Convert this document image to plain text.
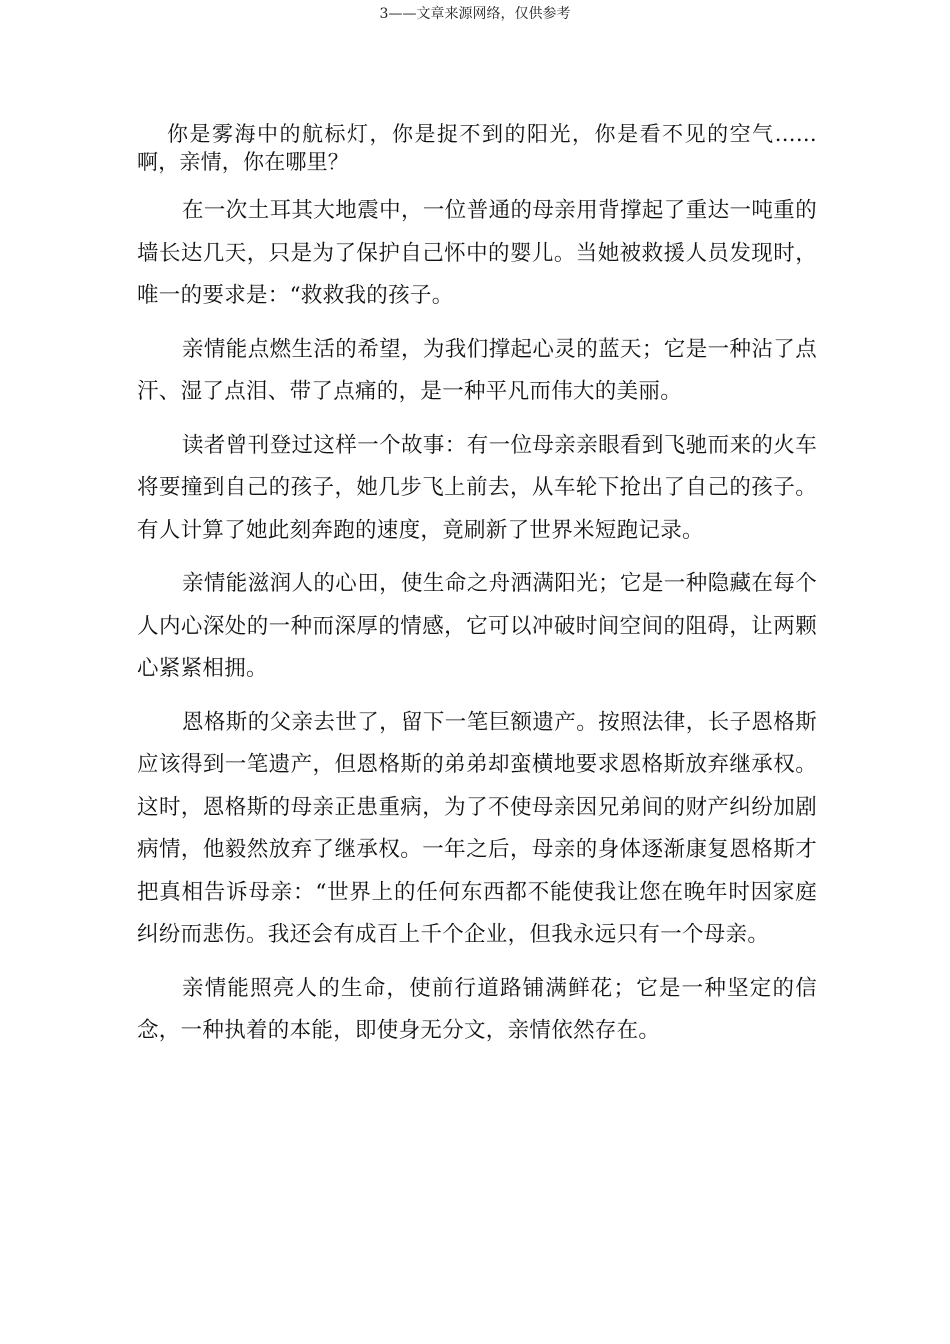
3——文章来源网络，仅供参考

你是雾海中的航标灯，你是捉不到的阳光，你是看不见的空气……啊，亲情，你在哪里？

在一次土耳其大地震中，一位普通的母亲用背撑起了重达一吨重的墙长达几天，只是为了保护自己怀中的婴儿。当她被救援人员发现时，唯一的要求是：“救救我的孩子。

亲情能点燃生活的希望，为我们撑起心灵的蓝天；它是一种沾了点汗、湿了点泪、带了点痛的，是一种平凡而伟大的美丽。

读者曾刊登过这样一个故事：有一位母亲亲眼看到飞驰而来的火车将要撞到自己的孩子，她几步飞上前去，从车轮下抢出了自己的孩子。有人计算了她此刻奔跑的速度，竟刷新了世界米短跑记录。

亲情能滋润人的心田，使生命之舟洒满阳光；它是一种隐藏在每个人内心深处的一种而深厚的情感，它可以冲破时间空间的阻碍，让两颗心紧紧相拥。

恩格斯的父亲去世了，留下一笔巨额遗产。按照法律，长子恩格斯应该得到一笔遗产，但恩格斯的弟弟却蛮横地要求恩格斯放弃继承权。这时，恩格斯的母亲正患重病，为了不使母亲因兄弟间的财产纠纷加剧病情，他毅然放弃了继承权。一年之后，母亲的身体逐渐康复恩格斯才把真相告诉母亲：“世界上的任何东西都不能使我让您在晚年时因家庭纠纷而悲伤。我还会有成百上千个企业，但我永远只有一个母亲。

亲情能照亮人的生命，使前行道路铺满鲜花；它是一种坚定的信念，一种执着的本能，即使身无分文，亲情依然存在。
